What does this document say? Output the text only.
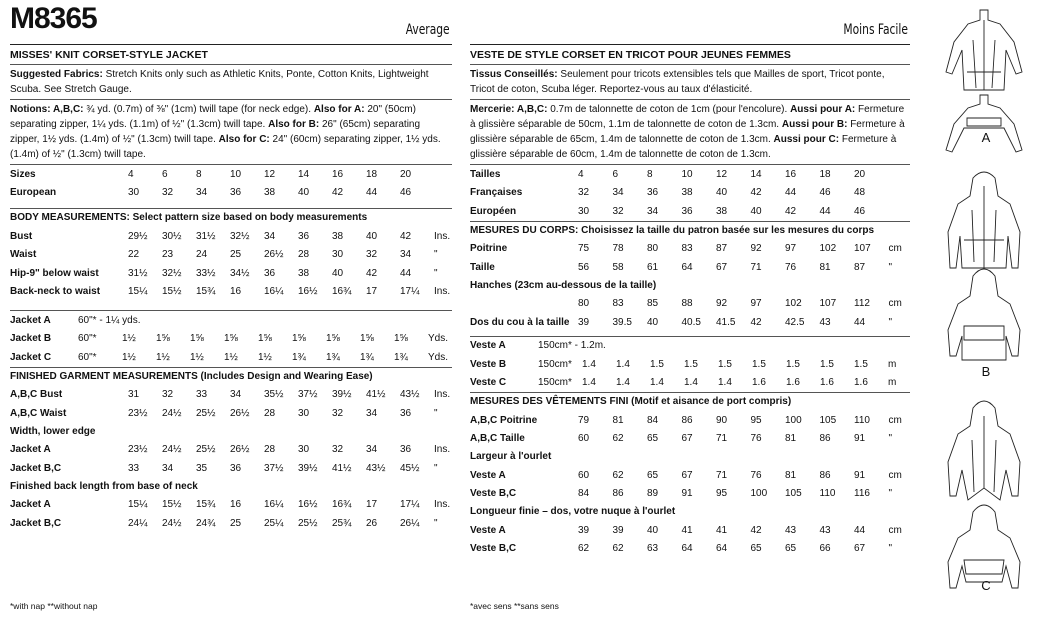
M8365	Average
MISSES' KNIT CORSET-STYLE JACKET
Suggested Fabrics: Stretch Knits only such as Athletic Knits, Ponte, Cotton Knits, Lightweight Scuba. See Stretch Gauge.
Notions: A,B,C: ¾ yd. (0.7m) of ⅜" (1cm) twill tape (for neck edge). Also for A: 20" (50cm) separating zipper, 1¼ yds. (1.1m) of ½" (1.3cm) twill tape. Also for B: 26" (65cm) separating zipper, 1½ yds. (1.4m) of ½" (1.3cm) twill tape. Also for C: 24" (60cm) separating zipper, 1½ yds. (1.4m) of ½" (1.3cm) twill tape.
Sizes	4	6	8	10	12	14	16	18	20	
European	30	32	34	36	38	40	42	44	46	
BODY MEASUREMENTS: Select pattern size based on body measurements
Bust	29½	30½	31½	32½	34	36	38	40	42	Ins.
Waist	22	23	24	25	26½	28	30	32	34	"
Hip-9" below waist	31½	32½	33½	34½	36	38	40	42	44	"
Back-neck to waist	15¼	15½	15¾	16	16¼	16½	16¾	17	17¼	Ins.
Jacket A	60"* - 1¼ yds.										
Jacket B	60"*	1½	1⅝	1⅝	1⅝	1⅝	1⅝	1⅝	1⅝	1⅝	Yds.
Jacket C	60"*	1½	1½	1½	1½	1½	1¾	1¾	1¾	1¾	Yds.
FINISHED GARMENT MEASUREMENTS (Includes Design and Wearing Ease)
A,B,C Bust	31	32	33	34	35½	37½	39½	41½	43½	Ins.
A,B,C Waist	23½	24½	25½	26½	28	30	32	34	36	"
Width, lower edge
Jacket A	23½	24½	25½	26½	28	30	32	34	36	Ins.
Jacket B,C	33	34	35	36	37½	39½	41½	43½	45½	"
Finished back length from base of neck
Jacket A	15¼	15½	15¾	16	16¼	16½	16¾	17	17¼	Ins.
Jacket B,C	24¼	24½	24¾	25	25¼	25½	25¾	26	26¼	"
*with nap **without nap
Moins Facile
VESTE DE STYLE CORSET EN TRICOT POUR JEUNES FEMMES
Tissus Conseillés: Seulement pour tricots extensibles tels que Mailles de sport, Tricot ponte, Tricot de coton, Scuba léger. Reportez-vous au taux d'élasticité.
Mercerie: A,B,C: 0.7m de talonnette de coton de 1cm (pour l'encolure). Aussi pour A: Fermeture à glissière séparable de 50cm, 1.1m de talonnette de coton de 1.3cm. Aussi pour B: Fermeture à glissière séparable de 65cm, 1.4m de talonnette de coton de 1.3cm. Aussi pour C: Fermeture à glissière séparable de 60cm, 1.4m de talonnette de coton de 1.3cm.
Tailles	4	6	8	10	12	14	16	18	20	
Françaises	32	34	36	38	40	42	44	46	48	
Européen	30	32	34	36	38	40	42	44	46	
MESURES DU CORPS: Choisissez la taille du patron basée sur les mesures du corps
Poitrine	75	78	80	83	87	92	97	102	107	cm
Taille	56	58	61	64	67	71	76	81	87	"
Hanches (23cm au-dessous de la taille)
	80	83	85	88	92	97	102	107	112	cm
Dos du cou à la taille	39	39.5	40	40.5	41.5	42	42.5	43	44	"
Veste A	150cm* - 1.2m.										
Veste B	150cm*	1.4	1.4	1.5	1.5	1.5	1.5	1.5	1.5	1.5	m
Veste C	150cm*	1.4	1.4	1.4	1.4	1.4	1.6	1.6	1.6	1.6	m
MESURES DES VÊTEMENTS FINI (Motif et aisance de port compris)
A,B,C Poitrine	79	81	84	86	90	95	100	105	110	cm
A,B,C Taille	60	62	65	67	71	76	81	86	91	"
Largeur à l'ourlet
Veste A	60	62	65	67	71	76	81	86	91	cm
Veste B,C	84	86	89	91	95	100	105	110	116	"
Longueur finie – dos, votre nuque à l'ourlet
Veste A	39	39	40	41	41	42	43	43	44	cm
Veste B,C	62	62	63	64	64	65	65	66	67	"
*avec sens **sans sens
A
B
C
